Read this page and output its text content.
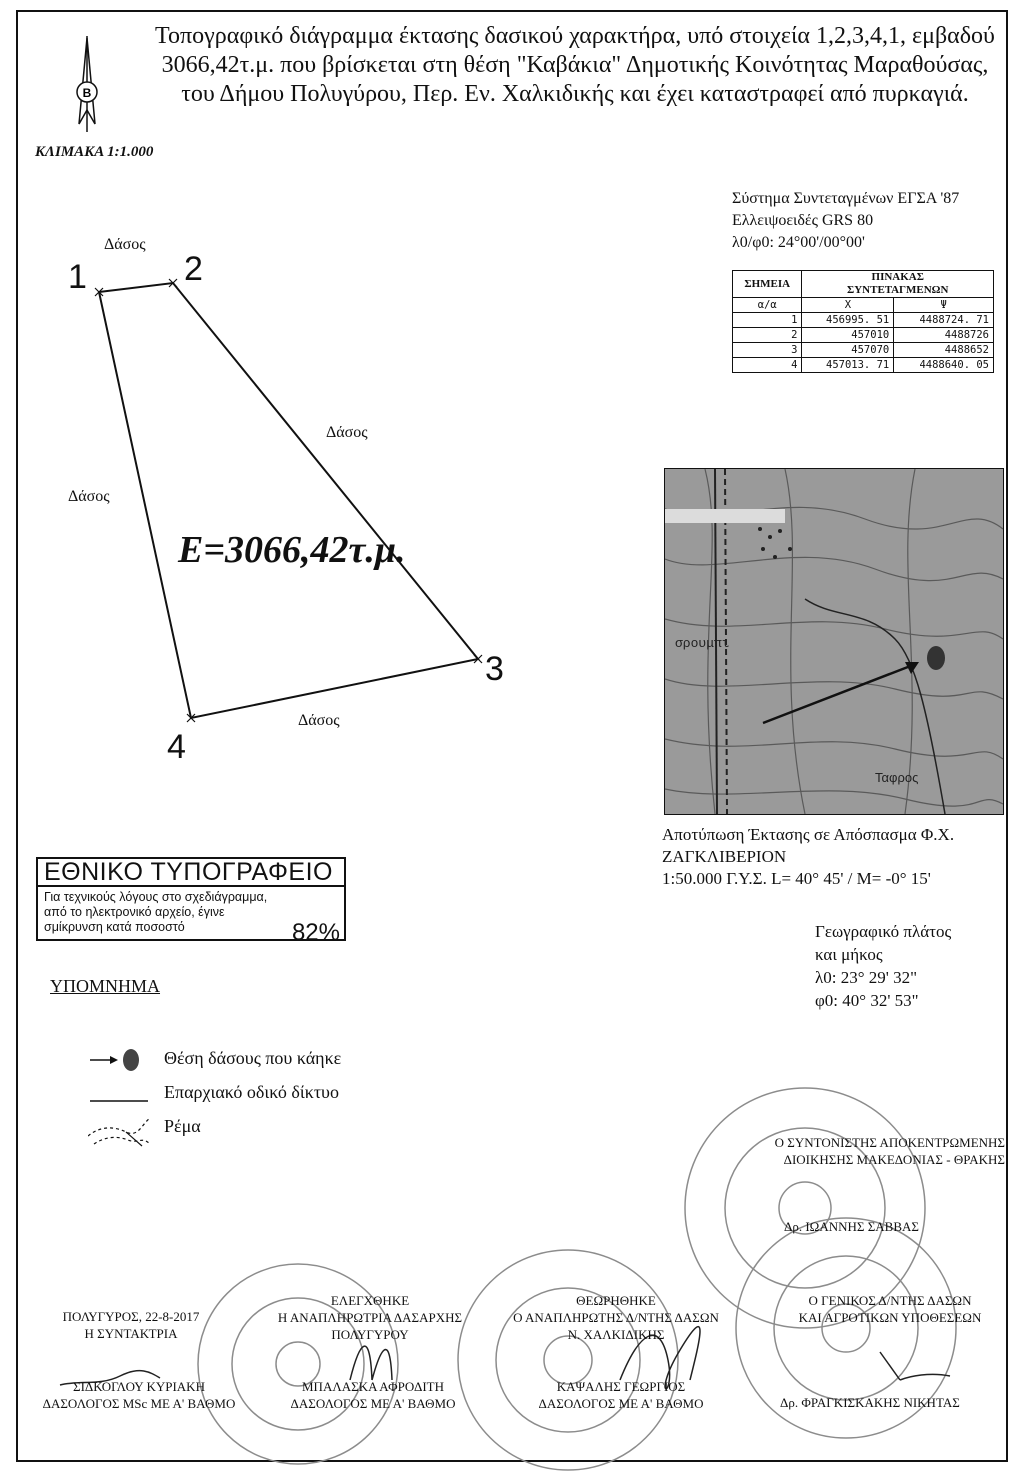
Β
Τοπογραφικό διάγραμμα έκτασης δασικού χαρακτήρα, υπό στοιχεία 1,2,3,4,1, εμβαδού
3066,42τ.μ. που βρίσκεται στη θέση "Καβάκια" Δημοτικής Κοινότητας Μαραθούσας,
του Δήμου Πολυγύρου, Περ. Εν. Χαλκιδικής και έχει καταστραφεί από πυρκαγιά.
ΚΛΙΜΑΚΑ 1:1.000
Σύστημα Συντεταγμένων ΕΓΣΑ '87
Ελλειψοειδές GRS 80
λ0/φ0: 24°00'/00°00'
ΣΗΜΕΙΑ	ΠΙΝΑΚΑΣ
ΣΥΝΤΕΤΑΓΜΕΝΩΝ	

α/α	Χ	Ψ
1	456995. 51	4488724. 71
2	457010	4488726
3	457070	4488652
4	457013. 71	4488640. 05
Δάσος
Δάσος
Δάσος
Δάσος
1	2
3
4
E=3066,42τ.μ.
σρουμπι
Ταφρος
Αποτύπωση Έκτασης σε Απόσπασμα Φ.Χ.
ΖΑΓΚΛΙΒΕΡΙΟΝ
1:50.000 Γ.Υ.Σ. L= 40° 45' / M= -0° 15'
Γεωγραφικό πλάτος
και μήκος
λ0: 23° 29' 32"
φ0: 40° 32' 53"
ΕΘΝΙΚΟ ΤΥΠΟΓΡΑΦΕΙΟ
Για τεχνικούς λόγους στο σχεδιάγραμμα,
από το ηλεκτρονικό αρχείο, έγινε
σμίκρυνση κατά ποσοστό	82%
ΥΠΟΜΝΗΜΑ
Θέση δάσους που κάηκε
Επαρχιακό οδικό δίκτυο
Ρέμα
Ο ΣΥΝΤΟΝΙΣΤΗΣ ΑΠΟΚΕΝΤΡΩΜΕΝΗΣ
ΔΙΟΙΚΗΣΗΣ ΜΑΚΕΔΟΝΙΑΣ - ΘΡΑΚΗΣ
Δρ. ΙΩΑΝΝΗΣ ΣΑΒΒΑΣ
ΠΟΛΥΓΥΡΟΣ, 22-8-2017
Η ΣΥΝΤΑΚΤΡΙΑ
ΣΙΔΚΟΓΛΟΥ ΚΥΡΙΑΚΗ
ΔΑΣΟΛΟΓΟΣ MSc ΜΕ Α' ΒΑΘΜΟ
ΕΛΕΓΧΘΗΚΕ
Η ΑΝΑΠΛΗΡΩΤΡΙΑ ΔΑΣΑΡΧΗΣ
ΠΟΛΥΓΥΡΟΥ
ΜΠΑΛΑΣΚΑ ΑΦΡΟΔΙΤΗ
ΔΑΣΟΛΟΓΟΣ ΜΕ Α' ΒΑΘΜΟ
ΘΕΩΡΗΘΗΚΕ
Ο ΑΝΑΠΛΗΡΩΤΗΣ Δ/ΝΤΗΣ ΔΑΣΩΝ
Ν. ΧΑΛΚΙΔΙΚΗΣ
ΚΑΨΑΛΗΣ ΓΕΩΡΓΙΟΣ
ΔΑΣΟΛΟΓΟΣ ΜΕ Α' ΒΑΘΜΟ
Ο ΓΕΝΙΚΟΣ Δ/ΝΤΗΣ ΔΑΣΩΝ
ΚΑΙ ΑΓΡΟΤΙΚΩΝ ΥΠΟΘΕΣΕΩΝ
Δρ. ΦΡΑΓΚΙΣΚΑΚΗΣ ΝΙΚΗΤΑΣ
